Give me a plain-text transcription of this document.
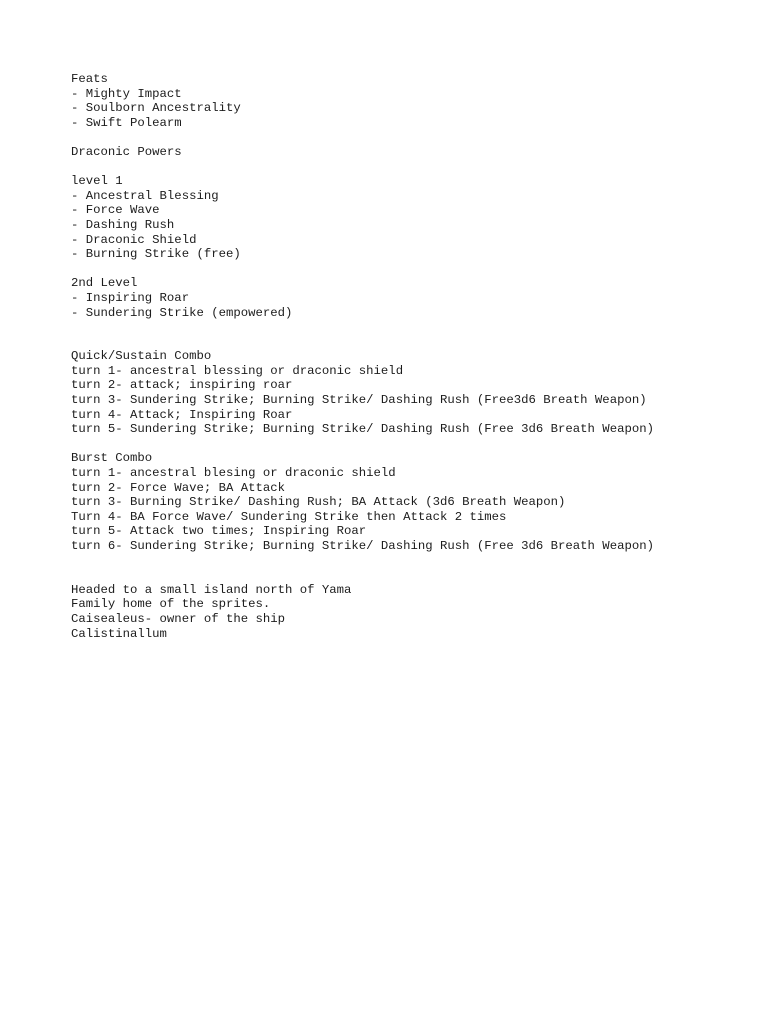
Feats
- Mighty Impact
- Soulborn Ancestrality
- Swift Polearm
Draconic Powers
level 1
- Ancestral Blessing
- Force Wave
- Dashing Rush
- Draconic Shield
- Burning Strike (free)
2nd Level
- Inspiring Roar
- Sundering Strike (empowered)
Quick/Sustain Combo
turn 1- ancestral blessing or draconic shield
turn 2- attack; inspiring roar
turn 3- Sundering Strike; Burning Strike/ Dashing Rush (Free3d6 Breath Weapon)
turn 4- Attack; Inspiring Roar
turn 5- Sundering Strike; Burning Strike/ Dashing Rush (Free 3d6 Breath Weapon)
Burst Combo
turn 1- ancestral blesing or draconic shield
turn 2- Force Wave; BA Attack
turn 3- Burning Strike/ Dashing Rush; BA Attack (3d6 Breath Weapon)
Turn 4- BA Force Wave/ Sundering Strike then Attack 2 times
turn 5- Attack two times; Inspiring Roar
turn 6- Sundering Strike; Burning Strike/ Dashing Rush (Free 3d6 Breath Weapon)
Headed to a small island north of Yama
Family home of the sprites.
Caisealeus- owner of the ship
Calistinallum
